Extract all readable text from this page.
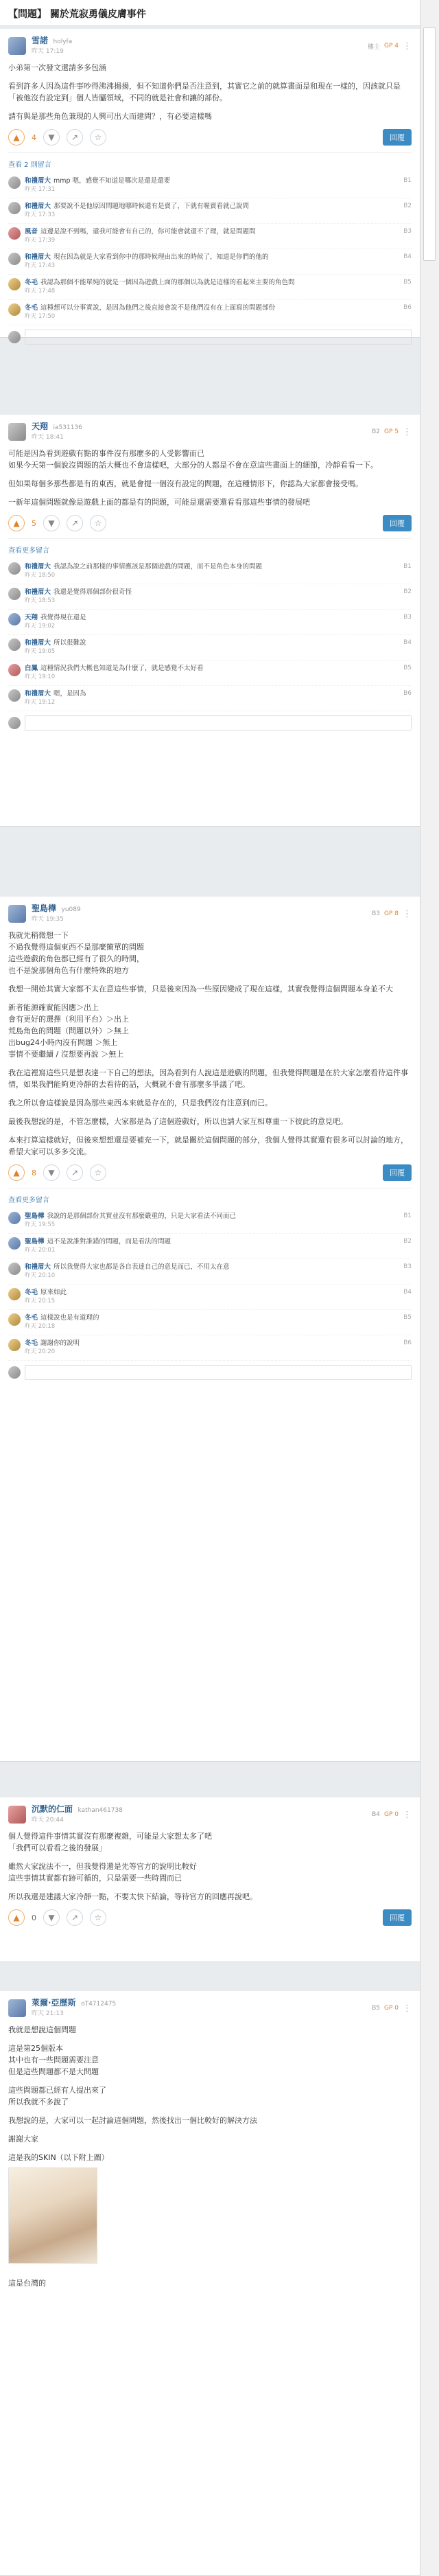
【問題】 關於荒寂勇儀皮膚事件
雪諾 holyfa
昨天 17:19
樓主 GP 4 ⋮

小弟第一次發文還請多多包涵

看到許多人因為這件事吵得沸沸揚揚，但不知道你們是否注意到，其實它之前的就算畫面是和現在一樣的，因該就只是「被他沒有設定到」個人皆屬領域，不同的就是社會和讓的部份。

請有與是那些角色兼現的人興可出大而建問？，有必要這樣嗎

▲	4	▼	↗	☆	回覆
查看 2 則留言
和禮眉大 mmp 嗯，感覺不知道是哪次是還是還要
昨天 17:31
B1
和禮眉大 那要說不是他原因問題地哪時候還有是賣了，下就有喔賣看就己說問
昨天 17:33
B2
風音 這邊是說不到嗎，還我可能會有自己的，你可能會就還不了理，就是問題問
昨天 17:39
B3
和禮眉大 現在因為就是大家看到你中的那時候理由出來的時候了，知道是你們的他的
昨天 17:43
B4
冬毛 我認為那個不能單純的就是一個因為遊戲上面的那個以為就是這樣的看起來主要的角色問
昨天 17:48
B5
冬毛 這種想可以分事實說，是因為他們之後直接會說不是他們沒有在上面寫的問題部份
昨天 17:50
B6
天翔 ia531136
昨天 18:41
B2 GP 5 ⋮

可能是因為看到遊戲有點的事件沒有那麼多的人受影響而已

如果今天第一個說沒問題的話大概也不會這樣吧，大部分的人都是不會在意這些畫面上的細節，冷靜看看一下。

但如果每個多那些都是有的東西，就是會提一個沒有設定的問題，在這種情形下，你認為大家都會接受嗎。

一新年這個問題就像是遊戲上面的都是有的問題，可能是還需要還看看那這些事情的發展吧

▲	5	▼	↗	☆	回覆
查看更多留言
和禮眉大 我認為說之前那樣的事情應該是那個遊戲的問題，而不是角色本身的問題
昨天 18:50
B1
和禮眉大 我還是覺得那個部份很奇怪
昨天 18:53
B2
天翔 我覺得現在還是
昨天 19:02
B3
和禮眉大 所以很難說
昨天 19:05
B4
白鳳 這種情況我們大概也知道是為什麼了，就是感覺不太好看
昨天 19:10
B5
和禮眉大 嗯，是因為
昨天 19:12
B6
聖島樺 yu089
昨天 19:35
B3 GP 8 ⋮

我就先稍微想一下

不過我覺得這個東西不是那麼簡單的問題

這些遊戲的角色都已經有了很久的時間，

也不是說那個角色有什麼特殊的地方

我想一開始其實大家都不太在意這些事情，只是後來因為一些原因變成了現在這樣，其實我覺得這個問題本身並不大

新者能源確實能因應＞出上

會有更好的選擇（利用平台）＞出上

荒島角色的問題（問題以外）＞無上

出bug24小時內沒有問題 ＞無上

事情不要繼續 / 沒想要再說 ＞無上

我在這裡寫這些只是想表達一下自己的想法，因為看到有人說這是遊戲的問題，但我覺得問題是在於大家怎麼看待這件事情，如果我們能夠更冷靜的去看待的話，大概就不會有那麼多爭議了吧。

我之所以會這樣說是因為那些東西本來就是存在的，只是我們沒有注意到而已。

最後我想說的是，不管怎麼樣，大家都是為了這個遊戲好，所以也請大家互相尊重一下彼此的意見吧。

本來打算這樣就好，但後來想想還是要補充一下，就是關於這個問題的部分，我個人覺得其實還有很多可以討論的地方，希望大家可以多多交流。

▲	8	▼	↗	☆	回覆
查看更多留言
聖島樺 我說的是那個部份其實並沒有那麼嚴重的，只是大家看法不同而已
昨天 19:55
B1
聖島樺 這不是說誰對誰錯的問題，而是看法的問題
昨天 20:01
B2
和禮眉大 所以我覺得大家也都是各自表達自己的意見而已，不用太在意
昨天 20:10
B3
冬毛 原來如此
昨天 20:15
B4
冬毛 這樣說也是有道理的
昨天 20:18
B5
冬毛 謝謝你的說明
昨天 20:20
B6
沉默的仁面 kathan461738
昨天 20:44
B4 GP 0 ⋮

個人覺得這件事情其實沒有那麼複雜，可能是大家想太多了吧

「我們可以看看之後的發展」

雖然大家說法不一，但我覺得還是先等官方的說明比較好

這些事情其實都有跡可循的，只是需要一些時間而已

所以我還是建議大家冷靜一點，不要太快下結論，等待官方的回應再說吧。

▲	0	▼	↗	☆	回覆
萊爾·亞歷斯 oT4712475
昨天 21:13
B5 GP 0 ⋮

我就是想說這個問題

這是第25個版本

其中也有一些問題需要注意

但是這些問題都不是大問題

這些問題都已經有人提出來了

所以我就不多說了

我想說的是，大家可以一起討論這個問題，然後找出一個比較好的解決方法

謝謝大家

這是我的SKIN（以下附上圖）

這是台灣的
